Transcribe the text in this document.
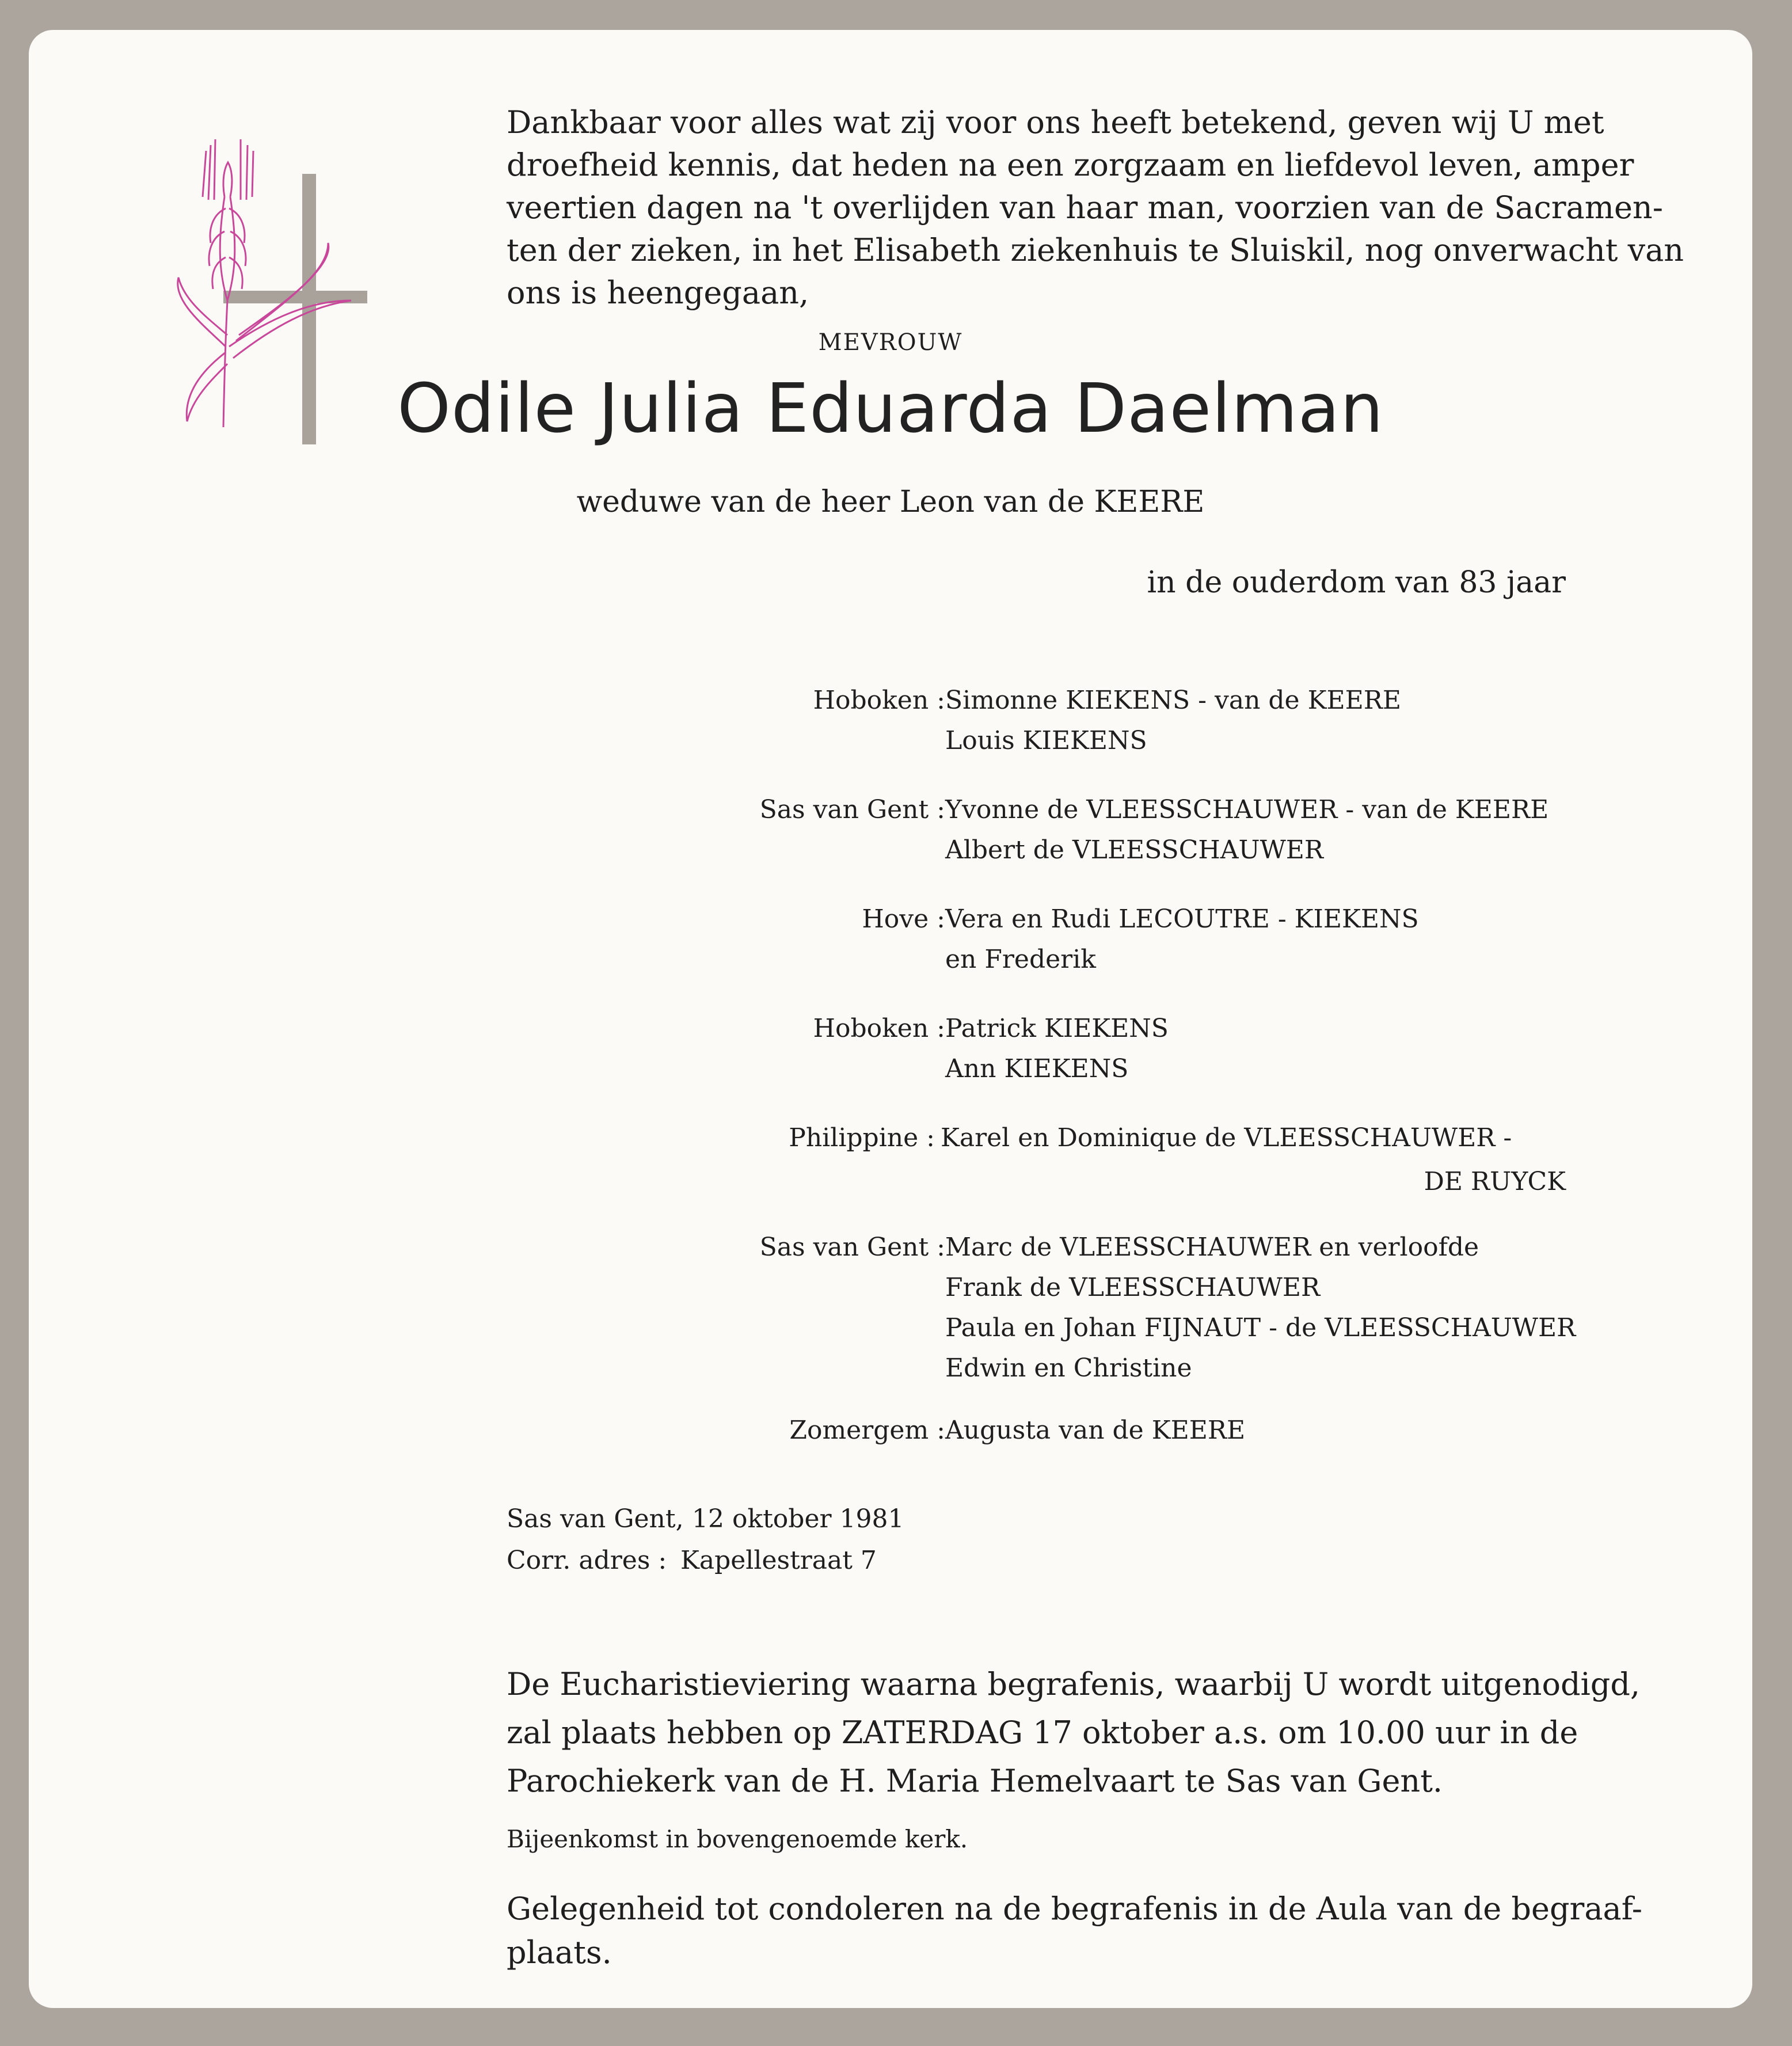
Dankbaar voor alles wat zij voor ons heeft betekend, geven wij U met
droefheid kennis, dat heden na een zorgzaam en liefdevol leven, amper
veertien dagen na 't overlijden van haar man, voorzien van de Sacramen-
ten der zieken, in het Elisabeth ziekenhuis te Sluiskil, nog onverwacht van
ons is heengegaan,
MEVROUW
Odile Julia Eduarda Daelman
weduwe van de heer Leon van de KEERE
in de ouderdom van 83 jaar
Hoboken : Simonne KIEKENS - van de KEERE
Louis KIEKENS
Sas van Gent : Yvonne de VLEESSCHAUWER - van de KEERE
Albert de VLEESSCHAUWER
Hove : Vera en Rudi LECOUTRE - KIEKENS
en Frederik
Hoboken : Patrick KIEKENS
Ann KIEKENS
Philippine : Karel en Dominique de VLEESSCHAUWER -
DE RUYCK
Sas van Gent : Marc de VLEESSCHAUWER en verloofde
Frank de VLEESSCHAUWER
Paula en Johan FIJNAUT - de VLEESSCHAUWER
Edwin en Christine
Zomergem : Augusta van de KEERE
Sas van Gent, 12 oktober 1981
Corr. adres : Kapellestraat 7
De Eucharistieviering waarna begrafenis, waarbij U wordt uitgenodigd,
zal plaats hebben op ZATERDAG 17 oktober a.s. om 10.00 uur in de
Parochiekerk van de H. Maria Hemelvaart te Sas van Gent.
Bijeenkomst in bovengenoemde kerk.
Gelegenheid tot condoleren na de begrafenis in de Aula van de begraaf-
plaats.
